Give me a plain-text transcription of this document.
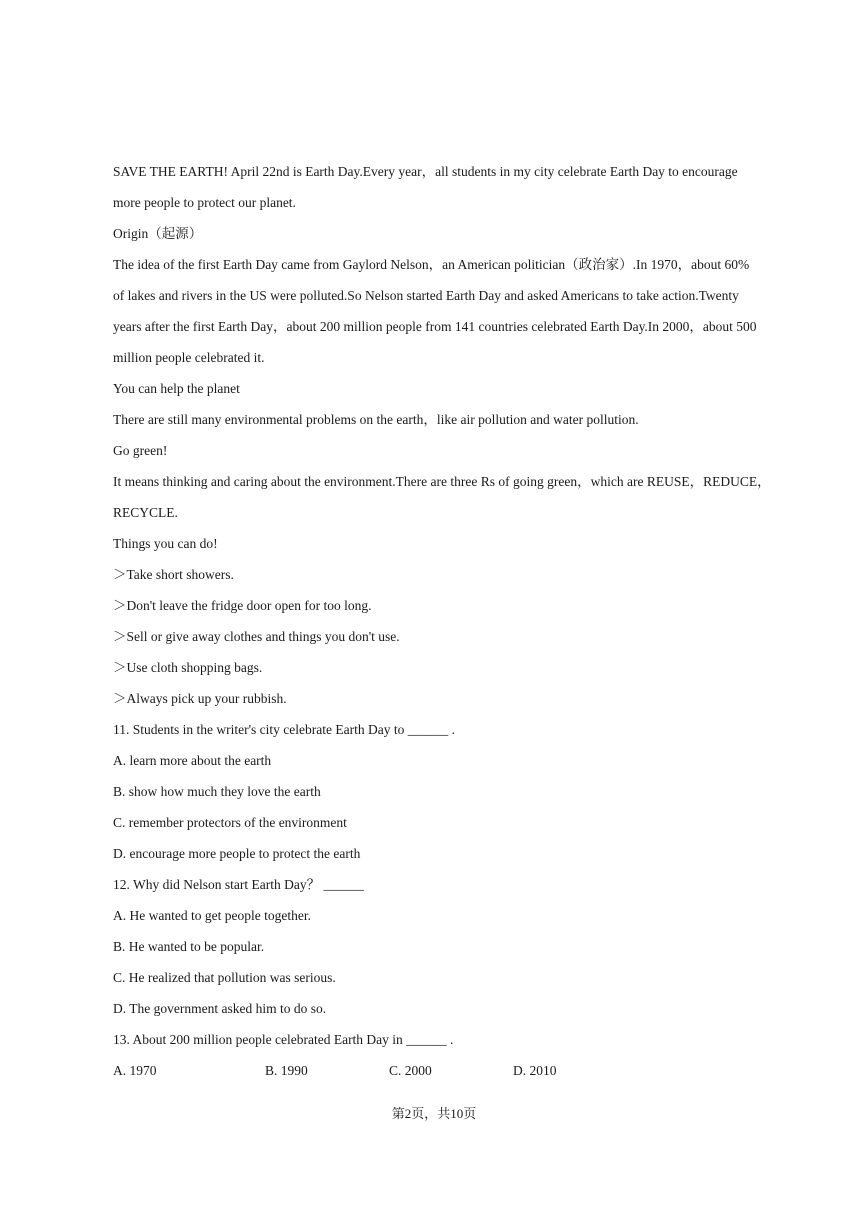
SAVE THE EARTH! April 22nd is Earth Day.Every year，all students in my city celebrate Earth Day to encourage
more people to protect our planet.
Origin（起源）
The idea of the first Earth Day came from Gaylord Nelson，an American politician（政治家）.In 1970，about 60%
of lakes and rivers in the US were polluted.So Nelson started Earth Day and asked Americans to take action.Twenty
years after the first Earth Day，about 200 million people from 141 countries celebrated Earth Day.In 2000，about 500
million people celebrated it.
You can help the planet
There are still many environmental problems on the earth，like air pollution and water pollution.
Go green!
It means thinking and caring about the environment.There are three Rs of going green，which are REUSE，REDUCE，
RECYCLE.
Things you can do!
＞Take short showers.
＞Don't leave the fridge door open for too long.
＞Sell or give away clothes and things you don't use.
＞Use cloth shopping bags.
＞Always pick up your rubbish.
11. Students in the writer's city celebrate Earth Day to ______ .
A. learn more about the earth
B. show how much they love the earth
C. remember protectors of the environment
D. encourage more people to protect the earth
12. Why did Nelson start Earth Day？ ______
A. He wanted to get people together.
B. He wanted to be popular.
C. He realized that pollution was serious.
D. The government asked him to do so.
13. About 200 million people celebrated Earth Day in ______ .
A. 1970	B. 1990	C. 2000	D. 2010
第2页，共10页
